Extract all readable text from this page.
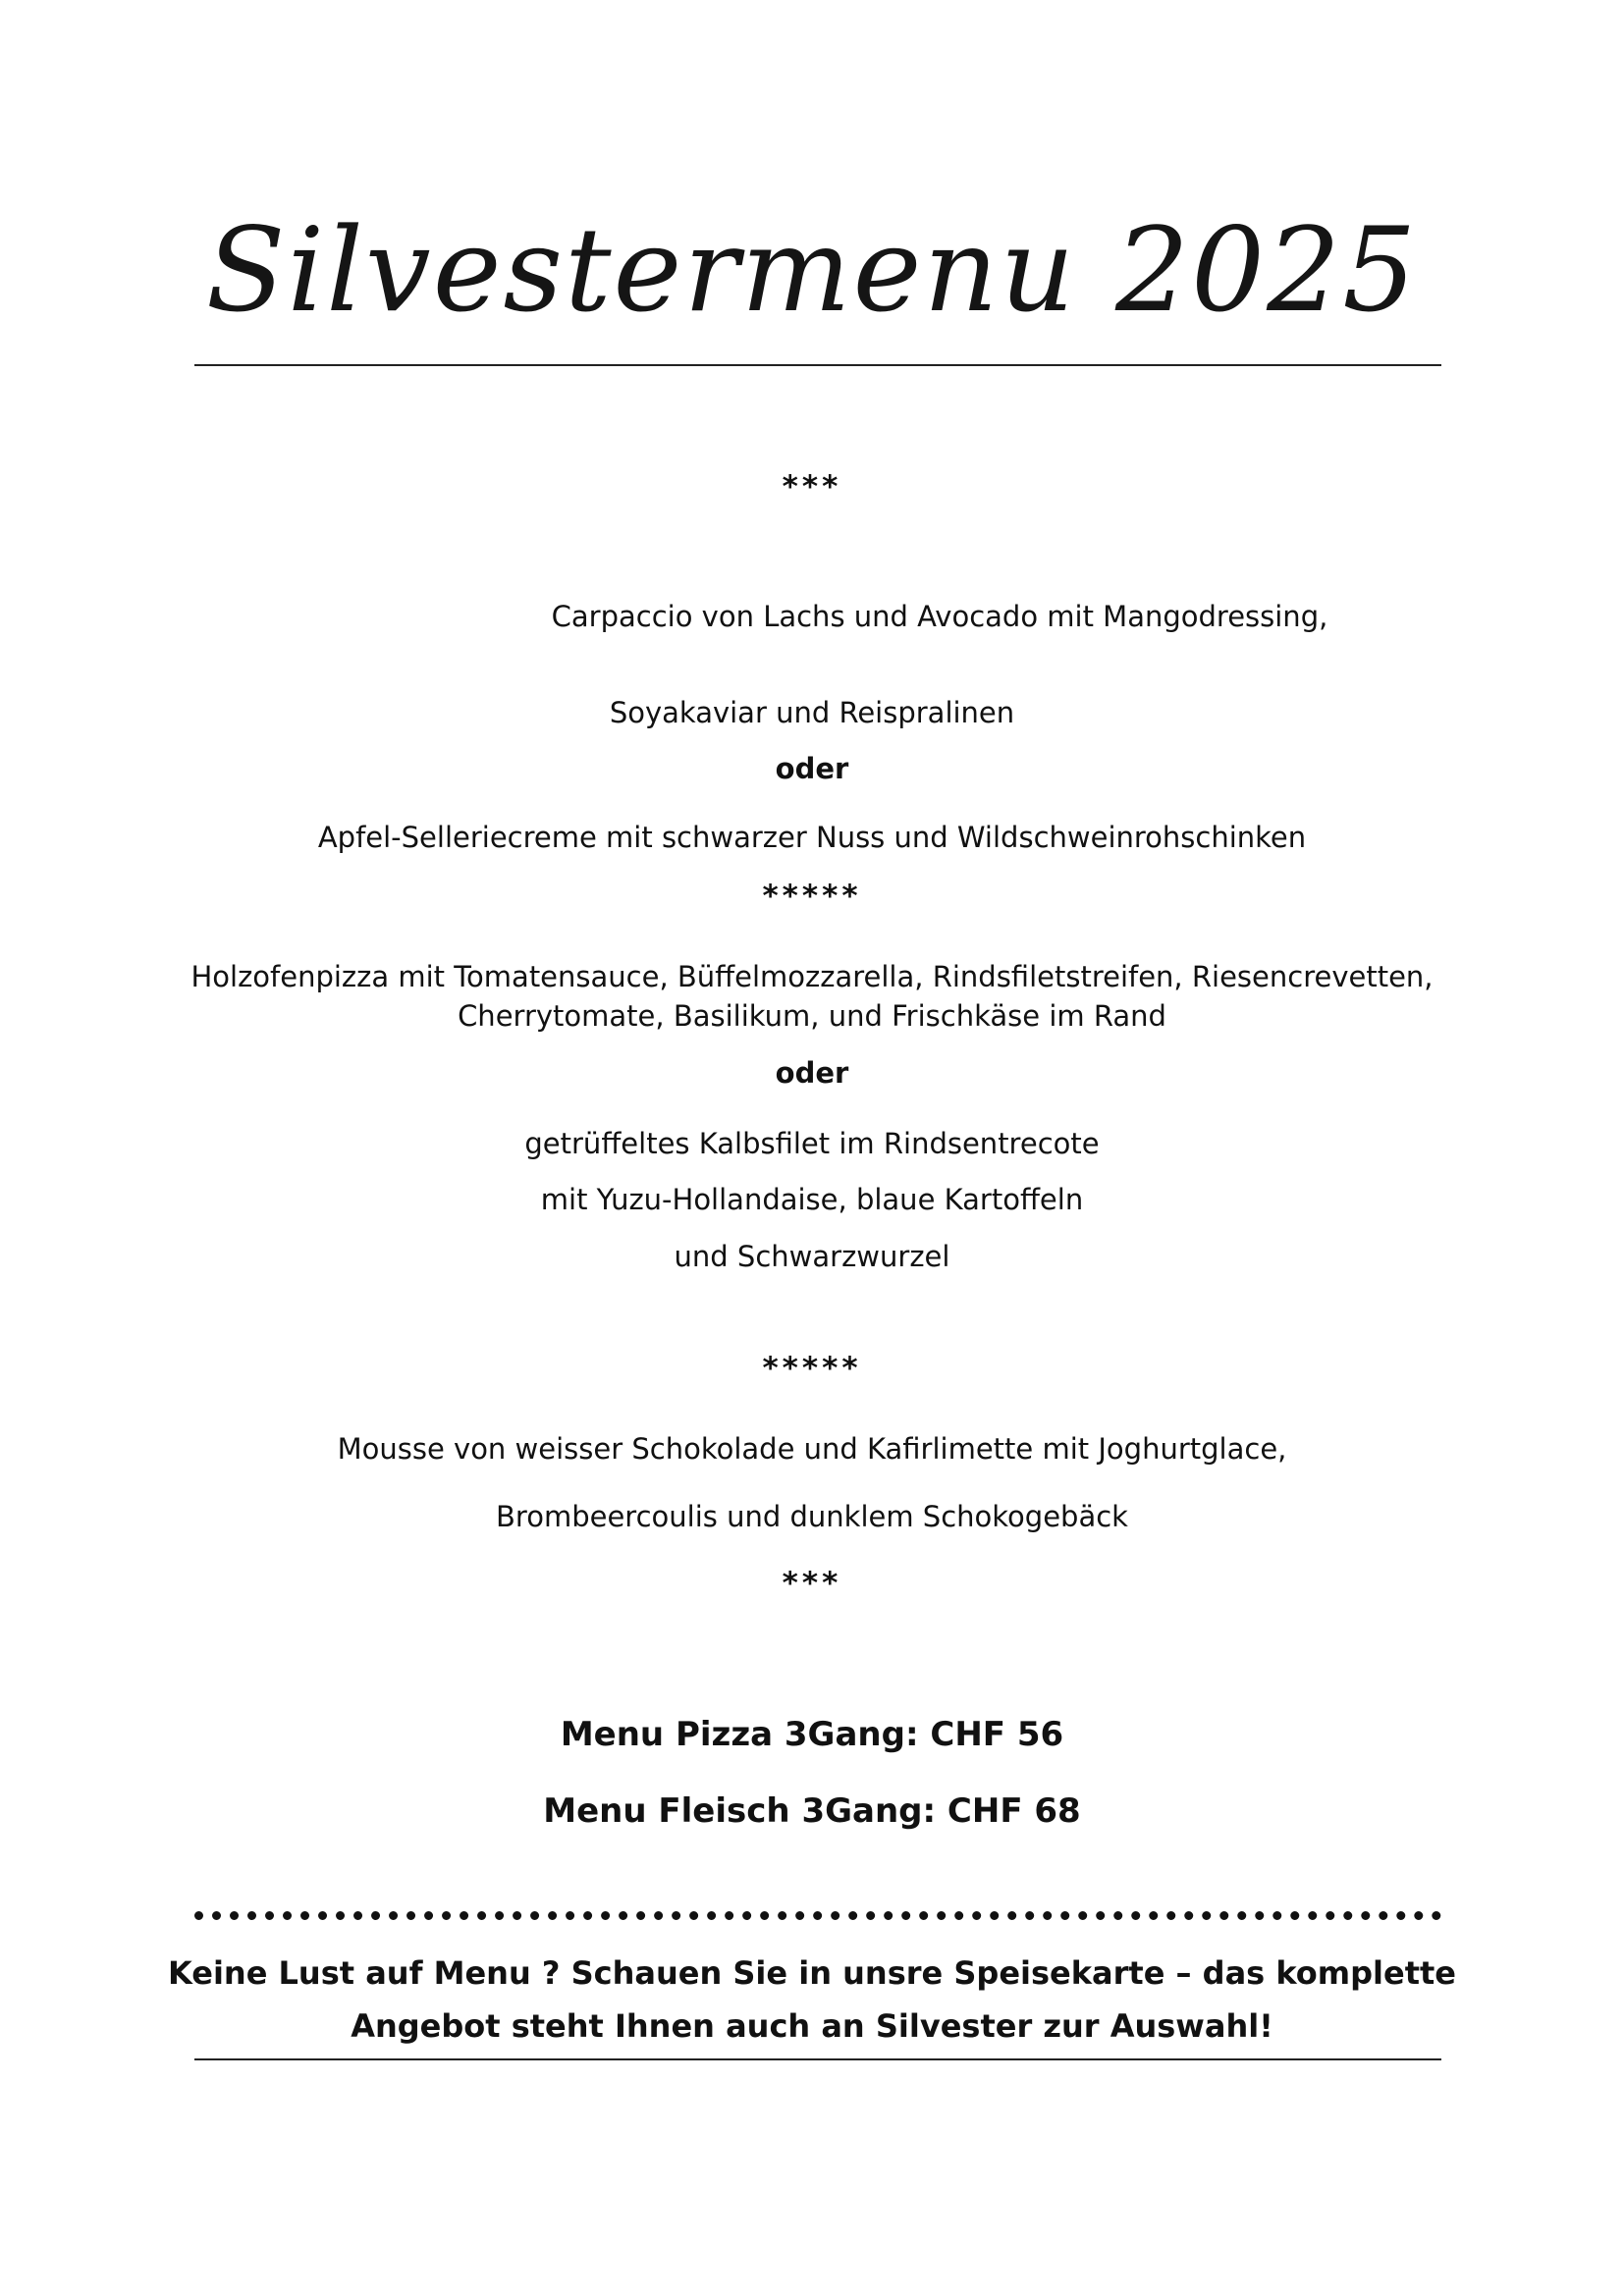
Silvestermenu 2025
***
Carpaccio von Lachs und Avocado mit Mangodressing,
Soyakaviar und Reispralinen
oder
Apfel-Selleriecreme mit schwarzer Nuss und Wildschweinrohschinken
*****
Holzofenpizza mit Tomatensauce, Büffelmozzarella, Rindsfiletstreifen, Riesencrevetten,
Cherrytomate, Basilikum, und Frischkäse im Rand
oder
getrüffeltes Kalbsfilet im Rindsentrecote
mit Yuzu-Hollandaise, blaue Kartoffeln
und Schwarzwurzel
*****
Mousse von weisser Schokolade und Kafirlimette mit Joghurtglace,
Brombeercoulis und dunklem Schokogebäck
***
Menu Pizza 3Gang: CHF 56
Menu Fleisch 3Gang: CHF 68
Keine Lust auf Menu ? Schauen Sie in unsre Speisekarte – das komplette
Angebot steht Ihnen auch an Silvester zur Auswahl!
